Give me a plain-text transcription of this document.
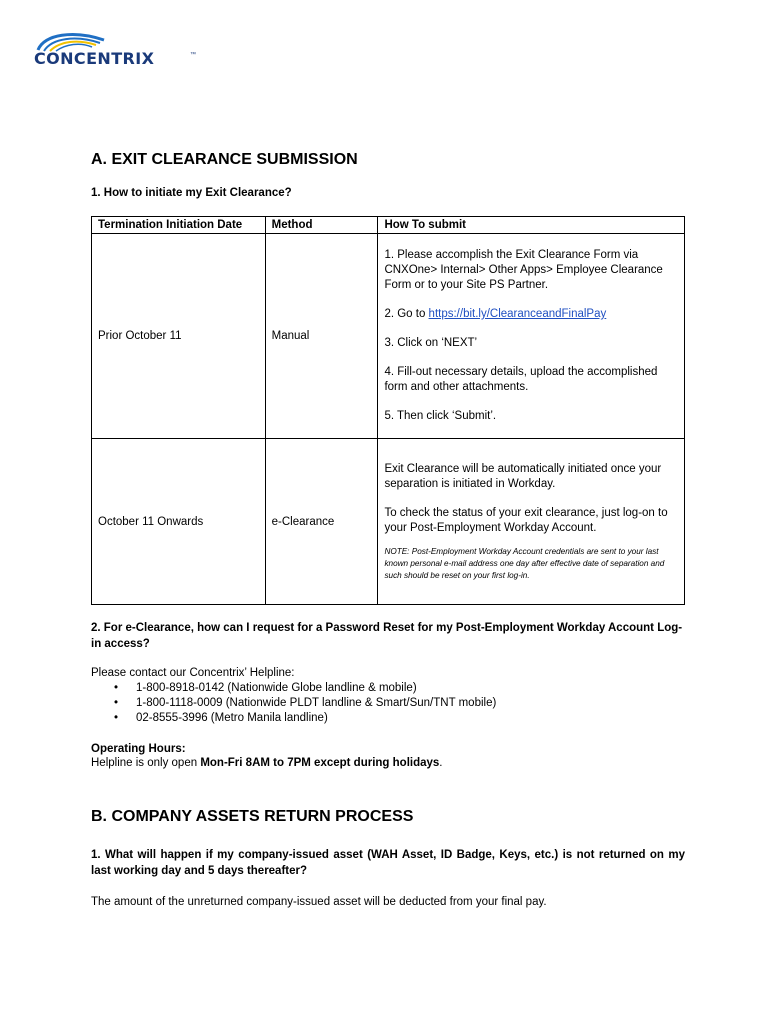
CONCENTRIX	™
A. EXIT CLEARANCE SUBMISSION
1. How to initiate my Exit Clearance?
Termination Initiation Date	Method	How To submit
Prior October 11	Manual	1. Please accomplish the Exit Clearance Form via CNXOne> Internal> Other Apps> Employee Clearance Form or to your Site PS Partner.

2. Go to https://bit.ly/ClearanceandFinalPay

3. Click on ‘NEXT’

4. Fill-out necessary details, upload the accomplished form and other attachments.

5. Then click ‘Submit’.

October 11 Onwards	e-Clearance	Exit Clearance will be automatically initiated once your separation is initiated in Workday.

To check the status of your exit clearance, just log-on to your Post-Employment Workday Account.

NOTE: Post-Employment Workday Account credentials are sent to your last known personal e-mail address one day after effective date of separation and such should be reset on your first log-in.

2. For e-Clearance, how can I request for a Password Reset for my Post-Employment Workday Account Log-in access?
Please contact our Concentrix’ Helpline:
• 1-800-8918-0142 (Nationwide Globe landline & mobile)
• 1-800-1118-0009 (Nationwide PLDT landline & Smart/Sun/TNT mobile)
• 02-8555-3996 (Metro Manila landline)
Operating Hours:
Helpline is only open Mon-Fri 8AM to 7PM except during holidays.
B. COMPANY ASSETS RETURN PROCESS
1. What will happen if my company-issued asset (WAH Asset, ID Badge, Keys, etc.) is not returned on my last working day and 5 days thereafter?
The amount of the unreturned company-issued asset will be deducted from your final pay.
